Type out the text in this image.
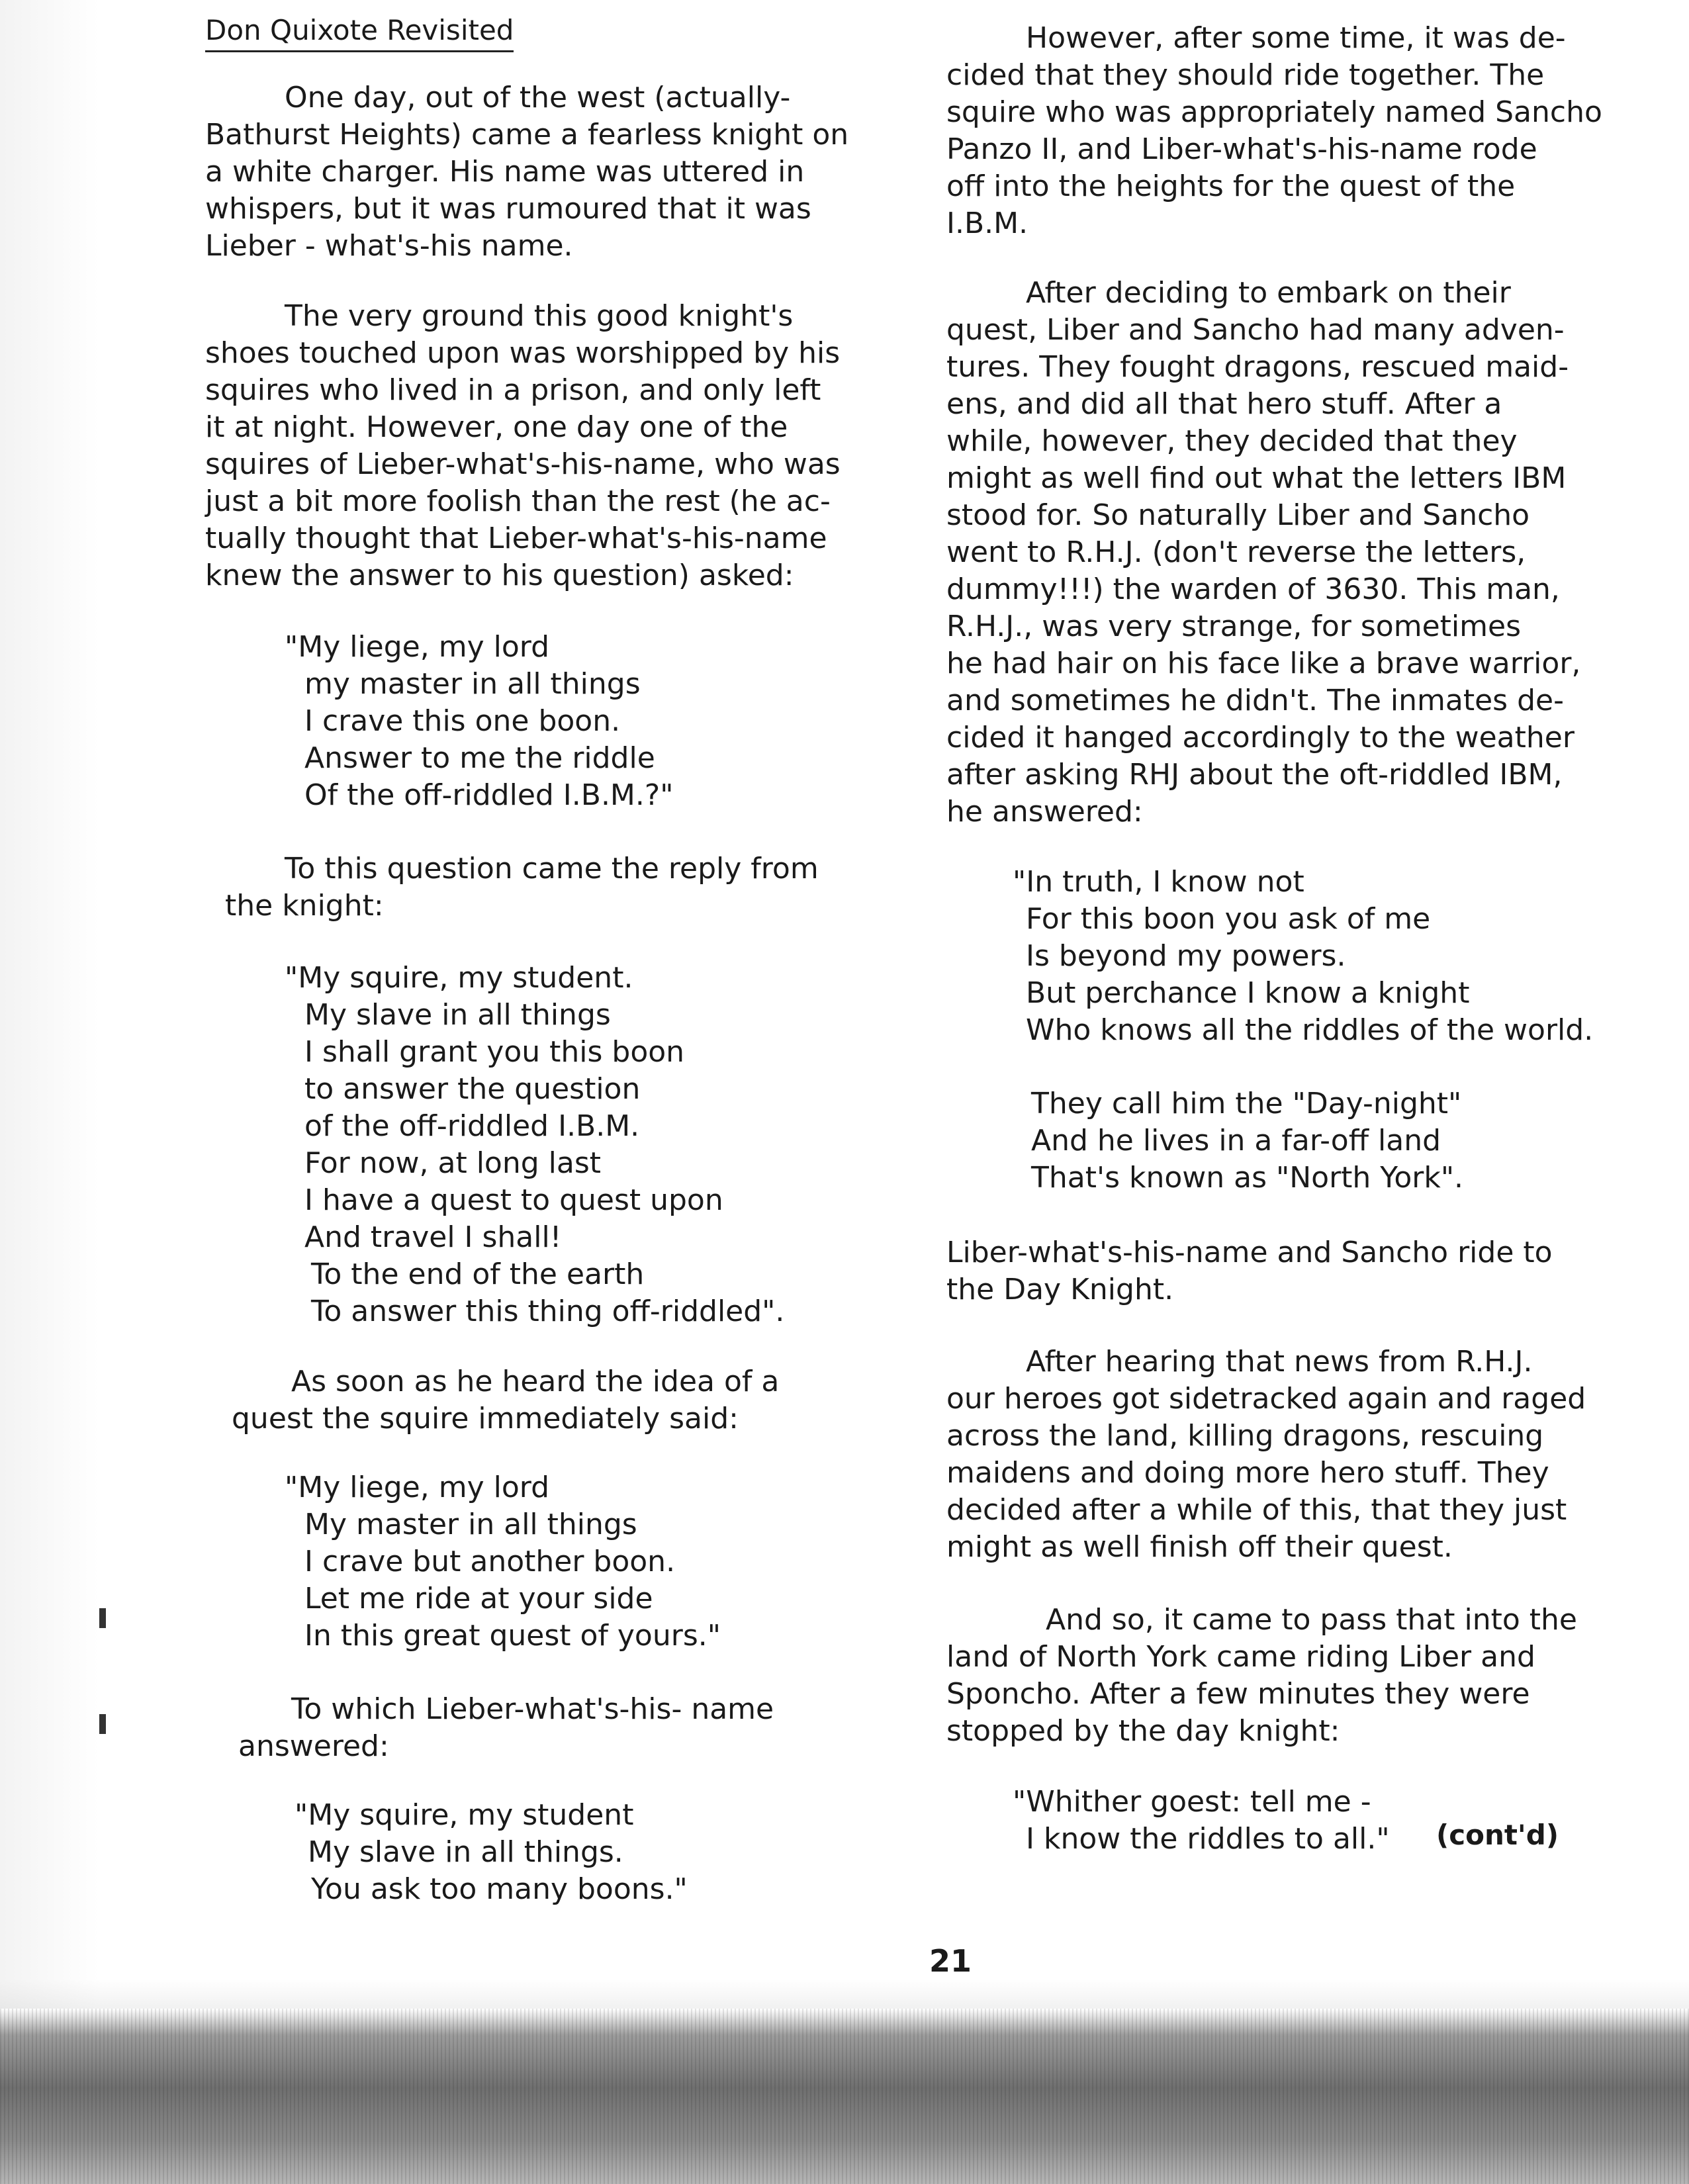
Don Quixote Revisited
One day, out of the west (actually-
Bathurst Heights) came a fearless knight on
a white charger. His name was uttered in
whispers, but it was rumoured that it was
Lieber - what's-his name.
The very ground this good knight's
shoes touched upon was worshipped by his
squires who lived in a prison, and only left
it at night. However, one day one of the
squires of Lieber-what's-his-name, who was
just a bit more foolish than the rest (he ac-
tually thought that Lieber-what's-his-name
knew the answer to his question) asked:
"My liege, my lord
my master in all things
I crave this one boon.
Answer to me the riddle
Of the off-riddled I.B.M.?"
To this question came the reply from
the knight:
"My squire, my student.
My slave in all things
I shall grant you this boon
to answer the question
of the off-riddled I.B.M.
For now, at long last
I have a quest to quest upon
And travel I shall!
To the end of the earth
To answer this thing off-riddled".
As soon as he heard the idea of a
quest the squire immediately said:
"My liege, my lord
My master in all things
I crave but another boon.
Let me ride at your side
In this great quest of yours."
To which Lieber-what's-his- name
answered:
"My squire, my student
My slave in all things.
You ask too many boons."
However, after some time, it was de-
cided that they should ride together. The
squire who was appropriately named Sancho
Panzo II, and Liber-what's-his-name rode
off into the heights for the quest of the
I.B.M.
After deciding to embark on their
quest, Liber and Sancho had many adven-
tures. They fought dragons, rescued maid-
ens, and did all that hero stuff. After a
while, however, they decided that they
might as well find out what the letters IBM
stood for. So naturally Liber and Sancho
went to R.H.J. (don't reverse the letters,
dummy!!!) the warden of 3630. This man,
R.H.J., was very strange, for sometimes
he had hair on his face like a brave warrior,
and sometimes he didn't. The inmates de-
cided it hanged accordingly to the weather
after asking RHJ about the oft-riddled IBM,
he answered:
"In truth, I know not
For this boon you ask of me
Is beyond my powers.
But perchance I know a knight
Who knows all the riddles of the world.
They call him the "Day-night"
And he lives in a far-off land
That's known as "North York".
Liber-what's-his-name and Sancho ride to
the Day Knight.
After hearing that news from R.H.J.
our heroes got sidetracked again and raged
across the land, killing dragons, rescuing
maidens and doing more hero stuff. They
decided after a while of this, that they just
might as well finish off their quest.
And so, it came to pass that into the
land of North York came riding Liber and
Sponcho. After a few minutes they were
stopped by the day knight:
"Whither goest: tell me -
I know the riddles to all." (cont'd)
21
